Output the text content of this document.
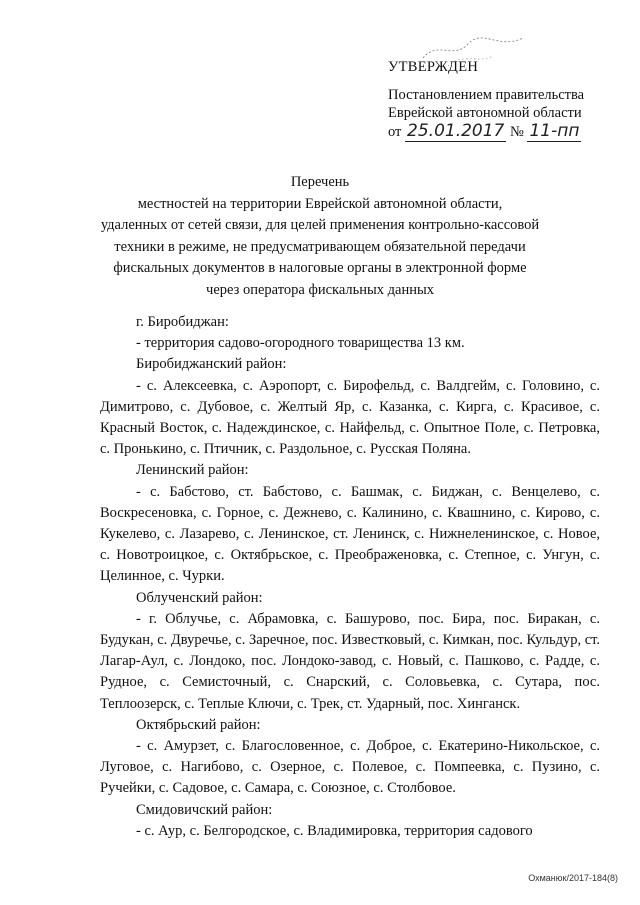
УТВЕРЖДЕН
Постановлением правительства
Еврейской автономной области
от 25.01.2017 № 11-пп
Перечень
местностей на территории Еврейской автономной области,
удаленных от сетей связи, для целей применения контрольно-кассовой
техники в режиме, не предусматривающем обязательной передачи
фискальных документов в налоговые органы в электронной форме
через оператора фискальных данных
г. Биробиджан:
- территория садово-огородного товарищества 13 км.
Биробиджанский район:
- с. Алексеевка, с. Аэропорт, с. Бирофельд, с. Валдгейм, с. Головино, с. Димитрово, с. Дубовое, с. Желтый Яр, с. Казанка, с. Кирга, с. Красивое, с. Красный Восток, с. Надеждинское, с. Найфельд, с. Опытное Поле, с. Петровка, с. Пронькино, с. Птичник, с. Раздольное, с. Русская Поляна.
Ленинский район:
- с. Бабстово, ст. Бабстово, с. Башмак, с. Биджан, с. Венцелево, с. Воскресеновка, с. Горное, с. Дежнево, с. Калинино, с. Квашнино, с. Кирово, с. Кукелево, с. Лазарево, с. Ленинское, ст. Ленинск, с. Нижнеленинское, с. Новое, с. Новотроицкое, с. Октябрьское, с. Преображеновка, с. Степное, с. Унгун, с. Целинное, с. Чурки.
Облученский район:
- г. Облучье, с. Абрамовка, с. Башурово, пос. Бира, пос. Биракан, с. Будукан, с. Двуречье, с. Заречное, пос. Известковый, с. Кимкан, пос. Кульдур, ст. Лагар-Аул, с. Лондоко, пос. Лондоко-завод, с. Новый, с. Пашково, с. Радде, с. Рудное, с. Семисточный, с. Снарский, с. Соловьевка, с. Сутара, пос. Теплоозерск, с. Теплые Ключи, с. Трек, ст. Ударный, пос. Хинганск.
Октябрьский район:
- с. Амурзет, с. Благословенное, с. Доброе, с. Екатерино-Никольское, с. Луговое, с. Нагибово, с. Озерное, с. Полевое, с. Помпеевка, с. Пузино, с. Ручейки, с. Садовое, с. Самара, с. Союзное, с. Столбовое.
Смидовичский район:
- с. Аур, с. Белгородское, с. Владимировка, территория садового
Охманюк/2017-184(8)
